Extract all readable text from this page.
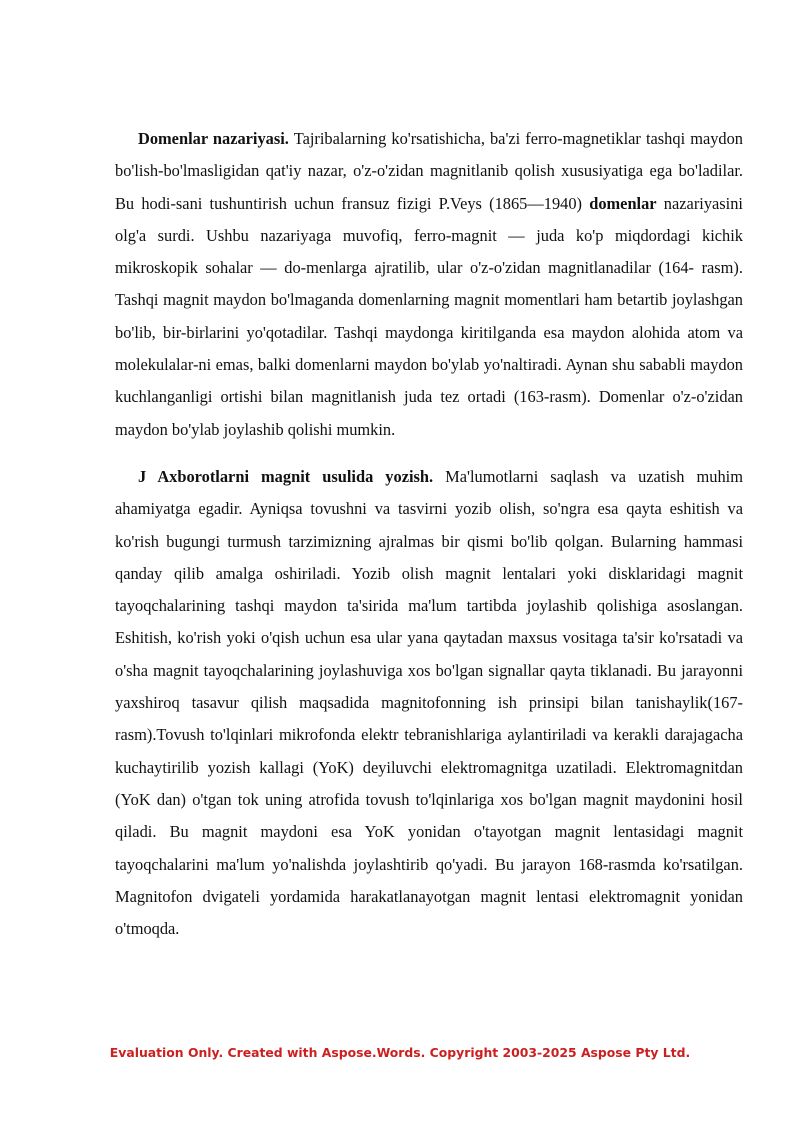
Domenlar nazariyasi. Tajribalarning ko'rsatishicha, ba'zi ferro-magnetiklar tashqi maydon bo'lish-bo'lmasligidan qat'iy nazar, o'z-o'zidan magnitlanib qolish xususiyatiga ega bo'ladilar. Bu hodi-sani tushuntirish uchun fransuz fizigi P.Veys (1865—1940) domenlar nazariyasini olg'a surdi. Ushbu nazariyaga muvofiq, ferro-magnit — juda ko'p miqdordagi kichik mikroskopik sohalar — do-menlarga ajratilib, ular o'z-o'zidan magnitlanadilar (164- rasm). Tashqi magnit maydon bo'lmaganda domenlarning magnit momentlari ham betartib joylashgan bo'lib, bir-birlarini yo'qotadilar. Tashqi maydonga kiritilganda esa maydon alohida atom va molekulalar-ni emas, balki domenlarni maydon bo'ylab yo'naltiradi. Aynan shu sababli maydon kuchlanganligi ortishi bilan magnitlanish juda tez ortadi (163-rasm). Domenlar o'z-o'zidan maydon bo'ylab joylashib qolishi mumkin.

J Axborotlarni magnit usulida yozish. Ma'lumotlarni saqlash va uzatish muhim ahamiyatga egadir. Ayniqsa tovushni va tasvirni yozib olish, so'ngra esa qayta eshitish va ko'rish bugungi turmush tarzimizning ajralmas bir qismi bo'lib qolgan. Bularning hammasi qanday qilib amalga oshiriladi. Yozib olish magnit lentalari yoki disklaridagi magnit tayoqchalarining tashqi maydon ta'sirida ma'lum tartibda joylashib qolishiga asoslangan. Eshitish, ko'rish yoki o'qish uchun esa ular yana qaytadan maxsus vositaga ta'sir ko'rsatadi va o'sha magnit tayoqchalarining joylashuviga xos bo'lgan signallar qayta tiklanadi. Bu jarayonni yaxshiroq tasavur qilish maqsadida magnitofonning ish prinsipi bilan tanishaylik(167-rasm).Tovush to'lqinlari mikrofonda elektr tebranishlariga aylantiriladi va kerakli darajagacha kuchaytirilib yozish kallagi (YoK) deyiluvchi elektromagnitga uzatiladi. Elektromagnitdan (YoK dan) o'tgan tok uning atrofida tovush to'lqinlariga xos bo'lgan magnit maydonini hosil qiladi. Bu magnit maydoni esa YoK yonidan o'tayotgan magnit lentasidagi magnit tayoqchalarini ma'lum yo'nalishda joylashtirib qo'yadi. Bu jarayon 168-rasmda ko'rsatilgan. Magnitofon dvigateli yordamida harakatlanayotgan magnit lentasi elektromagnit yonidan o'tmoqda.

Evaluation Only. Created with Aspose.Words. Copyright 2003-2025 Aspose Pty Ltd.
